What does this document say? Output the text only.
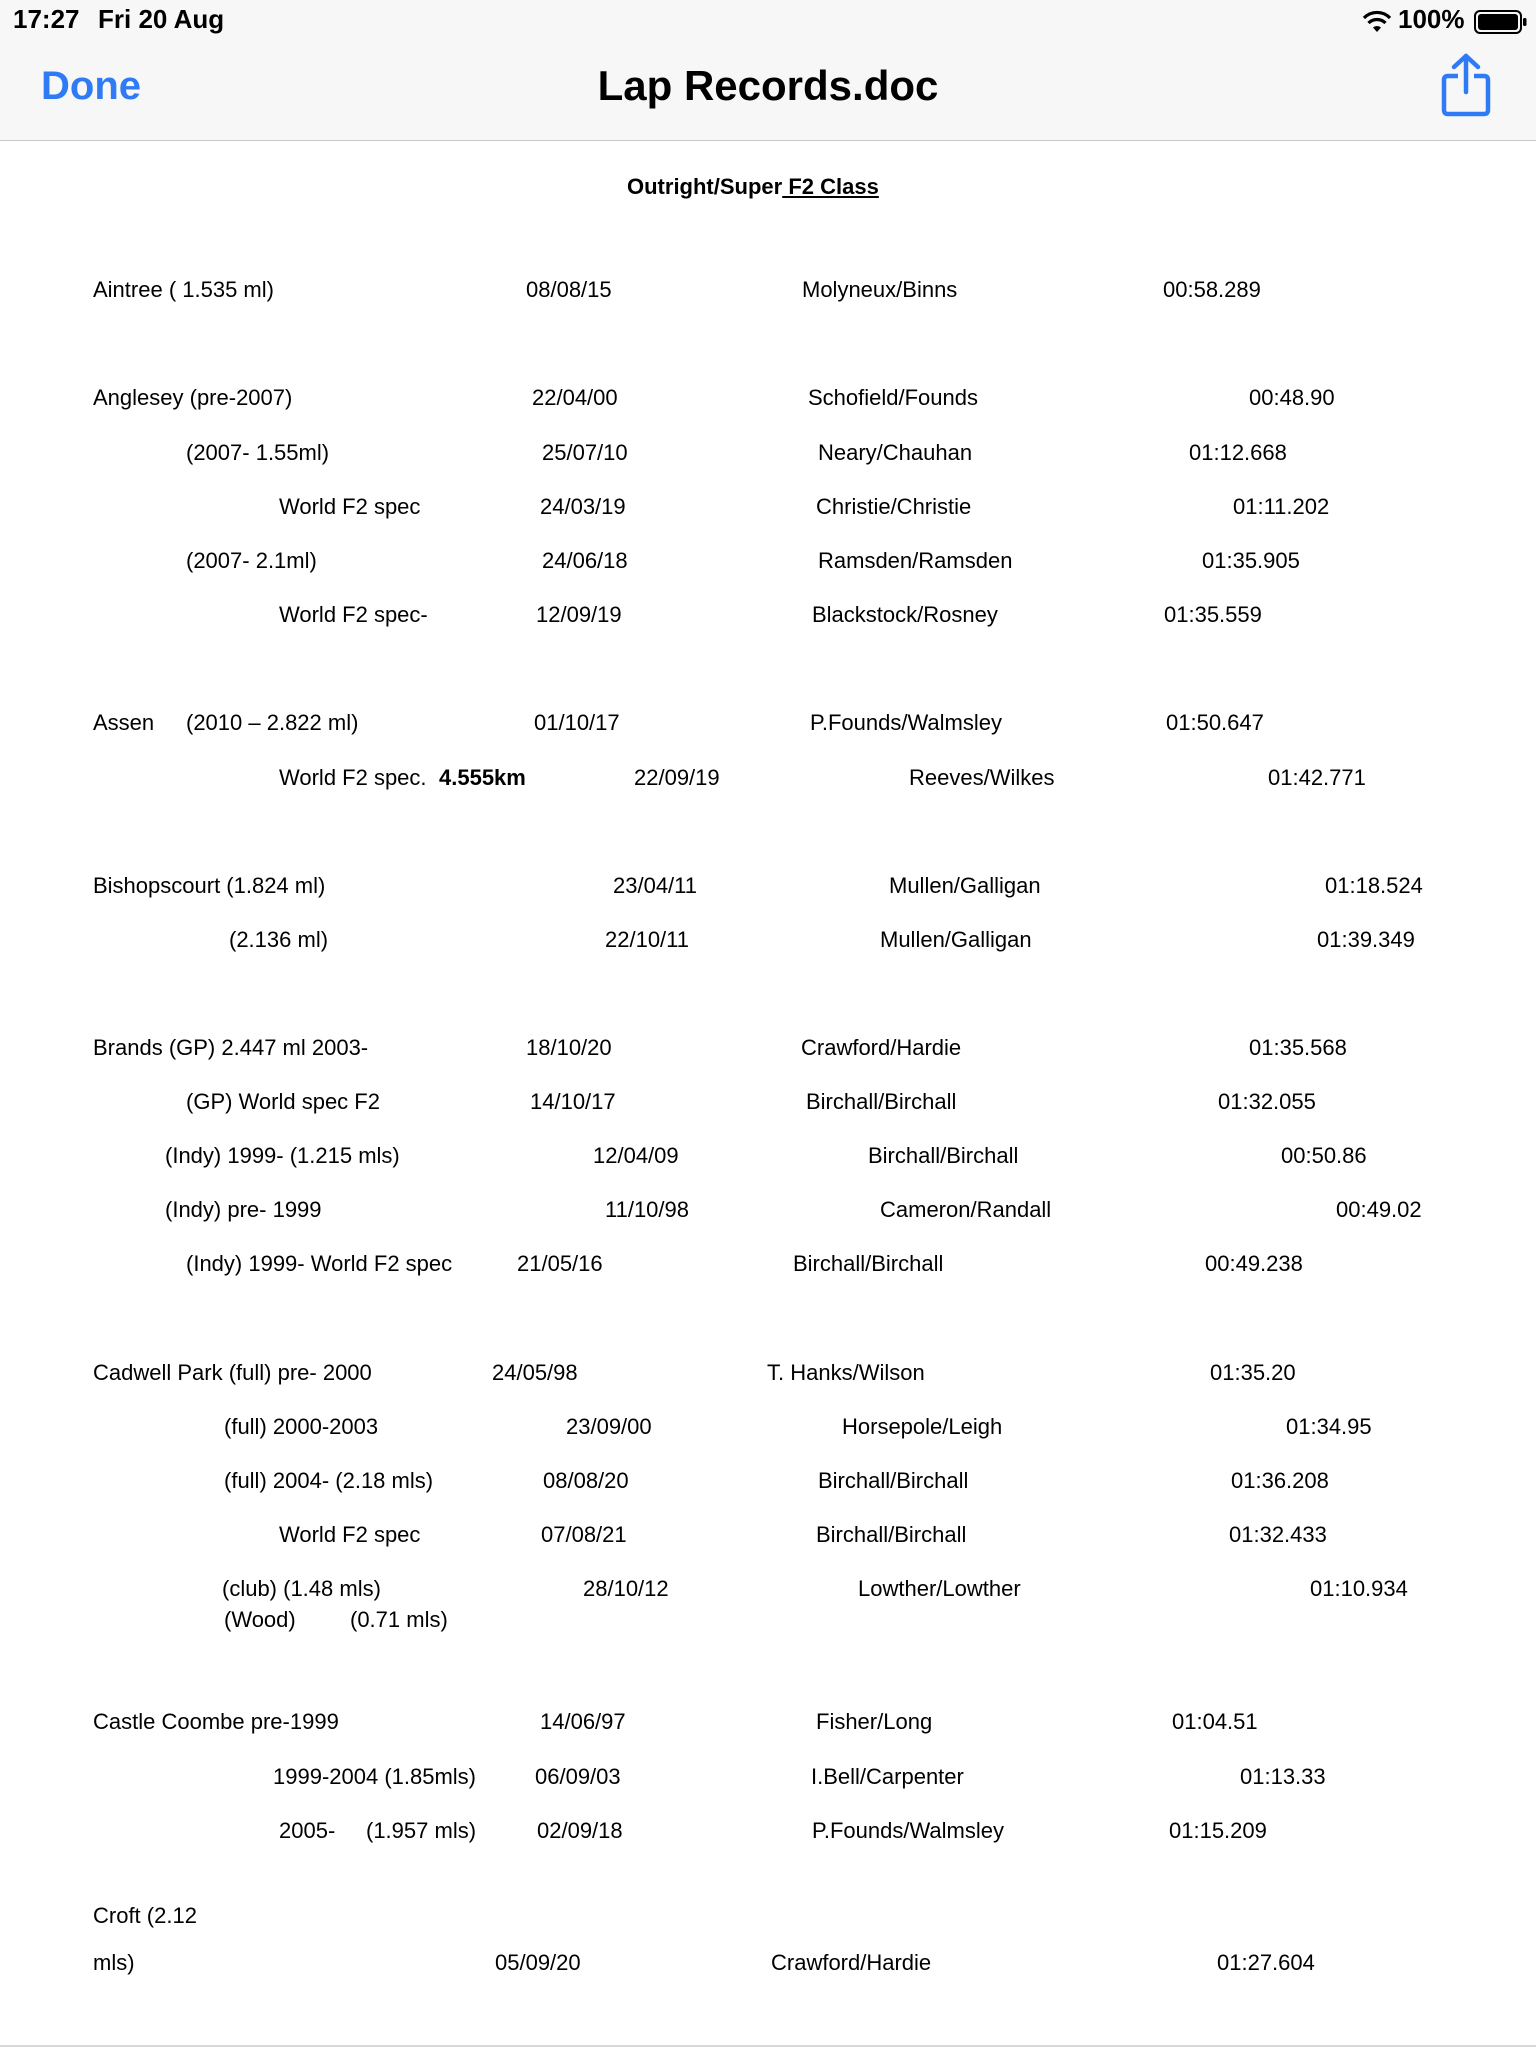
17:27 Fri 20 Aug	100%
Done	Lap Records.doc
Outright/Super F2 Class
Aintree ( 1.535 ml)	08/08/15	Molyneux/Binns	00:58.289
Anglesey (pre-2007)	22/04/00	Schofield/Founds	00:48.90
(2007- 1.55ml)	25/07/10	Neary/Chauhan	01:12.668
World F2 spec	24/03/19	Christie/Christie	01:11.202
(2007- 2.1ml)	24/06/18	Ramsden/Ramsden	01:35.905
World F2 spec-	12/09/19	Blackstock/Rosney	01:35.559
Assen (2010 – 2.822 ml)	01/10/17	P.Founds/Walmsley	01:50.647
World F2 spec. 4.555km	22/09/19	Reeves/Wilkes	01:42.771
Bishopscourt (1.824 ml)	23/04/11	Mullen/Galligan	01:18.524
(2.136 ml)	22/10/11	Mullen/Galligan	01:39.349
Brands (GP) 2.447 ml 2003-	18/10/20	Crawford/Hardie	01:35.568
(GP) World spec F2	14/10/17	Birchall/Birchall	01:32.055
(Indy) 1999- (1.215 mls)	12/04/09	Birchall/Birchall	00:50.86
(Indy) pre- 1999	11/10/98	Cameron/Randall	00:49.02
(Indy) 1999- World F2 spec	21/05/16	Birchall/Birchall	00:49.238
Cadwell Park (full) pre- 2000	24/05/98	T. Hanks/Wilson	01:35.20
(full) 2000-2003	23/09/00	Horsepole/Leigh	01:34.95
(full) 2004- (2.18 mls)	08/08/20	Birchall/Birchall	01:36.208
World F2 spec	07/08/21	Birchall/Birchall	01:32.433
(club) (1.48 mls)	28/10/12	Lowther/Lowther	01:10.934
(Wood) (0.71 mls)
Castle Coombe pre-1999	14/06/97	Fisher/Long	01:04.51
1999-2004 (1.85mls)	06/09/03	I.Bell/Carpenter	01:13.33
2005- (1.957 mls)	02/09/18	P.Founds/Walmsley	01:15.209
Croft (2.12
mls)	05/09/20	Crawford/Hardie	01:27.604
